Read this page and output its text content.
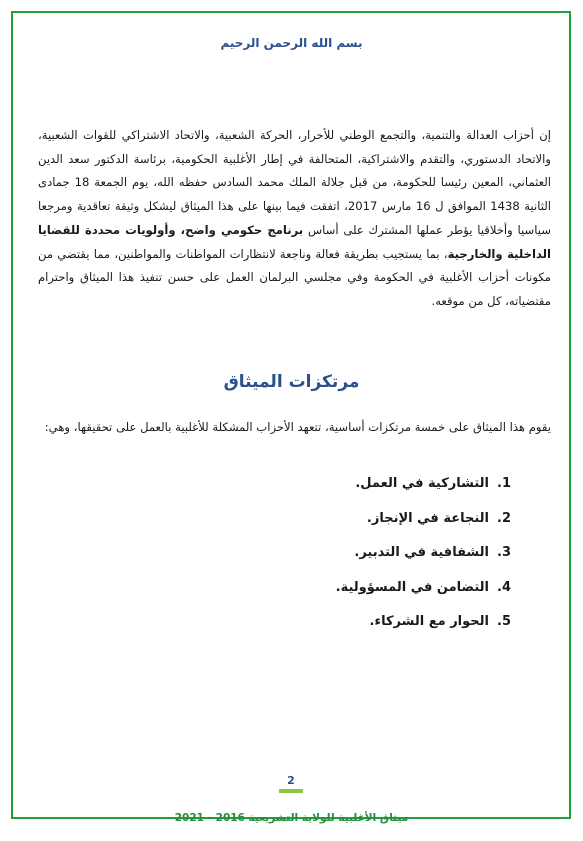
بسم الله الرحمن الرحيم
إن أحزاب العدالة والتنمية، والتجمع الوطني للأحرار، الحركة الشعبية، والاتحاد الاشتراكي للقوات الشعبية، والاتحاد الدستوري، والتقدم والاشتراكية، المتحالفة في إطار الأغلبية الحكومية، برئاسة الدكتور سعد الدين العثماني، المعين رئيسا للحكومة، من قبل جلالة الملك محمد السادس حفظه الله، يوم الجمعة 18 جمادى الثانية 1438 الموافق ل 16 مارس 2017، اتفقت فيما بينها على هذا الميثاق ليشكل وثيقة تعاقدية ومرجعا سياسيا وأخلاقيا يؤطر عملها المشترك على أساس برنامج حكومي واضح، وأولويات محددة للقضايا الداخلية والخارجية، بما يستجيب بطريقة فعالة وناجعة لانتظارات المواطنات والمواطنين، مما يقتضي من مكونات أحزاب الأغلبية في الحكومة وفي مجلسي البرلمان العمل على حسن تنفيذ هذا الميثاق واحترام مقتضياته، كل من موقعه.
مرتكزات الميثاق
يقوم هذا الميثاق على خمسة مرتكزات أساسية، تتعهد الأحزاب المشكلة للأغلبية بالعمل على تحقيقها، وهي:
1.
التشاركية في العمل.
2.
النجاعة في الإنجاز.
3.
الشفافية في التدبير.
4.
التضامن في المسؤولية.
5.
الحوار مع الشركاء.
2
ميثاق الأغلبية للولاية التشريعية 2016 - 2021
